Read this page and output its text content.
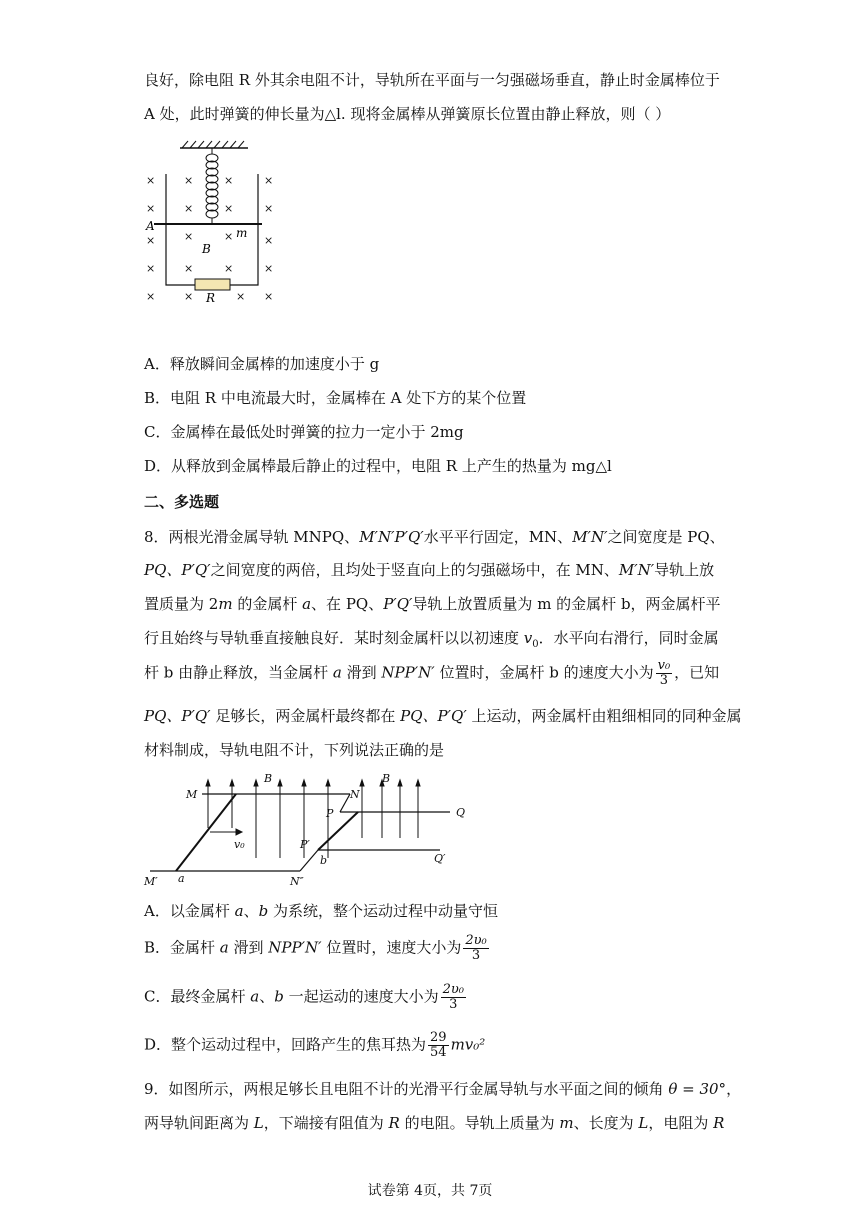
良好，除电阻 R 外其余电阻不计，导轨所在平面与一匀强磁场垂直，静止时金属棒位于
A 处，此时弹簧的伸长量为△l. 现将金属棒从弹簧原长位置由静止释放，则（ ）
×	×	×	×
×	×	×	×
×	×
×	×
×	×	×	×
×	×	× ×
A
B
m
R
A．释放瞬间金属棒的加速度小于 g
B．电阻 R 中电流最大时，金属棒在 A 处下方的某个位置
C．金属棒在最低处时弹簧的拉力一定小于 2mg
D．从释放到金属棒最后静止的过程中，电阻 R 上产生的热量为 mg△l
二、多选题
8．两根光滑金属导轨 MNPQ、M′N′P′Q′水平平行固定，MN、M′N′之间宽度是 PQ、
PQ、P′Q′之间宽度的两倍，且均处于竖直向上的匀强磁场中，在 MN、M′N′导轨上放
置质量为 2m 的金属杆 a、在 PQ、P′Q′导轨上放置质量为 m 的金属杆 b，两金属杆平
行且始终与导轨垂直接触良好．某时刻金属杆以以初速度 $v_0$．水平向右滑行，同时金属
杆 b 由静止释放，当金属杆 a 滑到 NPP′N′ 位置时，金属杆 b 的速度大小为 $\frac{\text{v₀}}{3}$ ，已知
PQ、P′Q′ 足够长，两金属杆最终都在 PQ、P′Q′ 上运动，两金属杆由粗细相同的同种金属
材料制成，导轨电阻不计，下列说法正确的是
M	N
P	Q
M′	N″
P′
Q′
a
b
B	B
v₀
A．以金属杆 a、b 为系统，整个运动过程中动量守恒
B．金属杆 a 滑到 NPP′N′ 位置时，速度大小为 $\frac{\text{2υ₀}}{3}$
C．最终金属杆 a、b 一起运动的速度大小为 $\frac{\text{2υ₀}}{3}$
D．整个运动过程中，回路产生的焦耳热为 $\frac{29}{54} mv_0^2$
9．如图所示，两根足够长且电阻不计的光滑平行金属导轨与水平面之间的倾角 θ = 30°，
两导轨间距离为 L，下端接有阻值为 R 的电阻。导轨上质量为 m、长度为 L，电阻为 R
试卷第 4页，共 7页
